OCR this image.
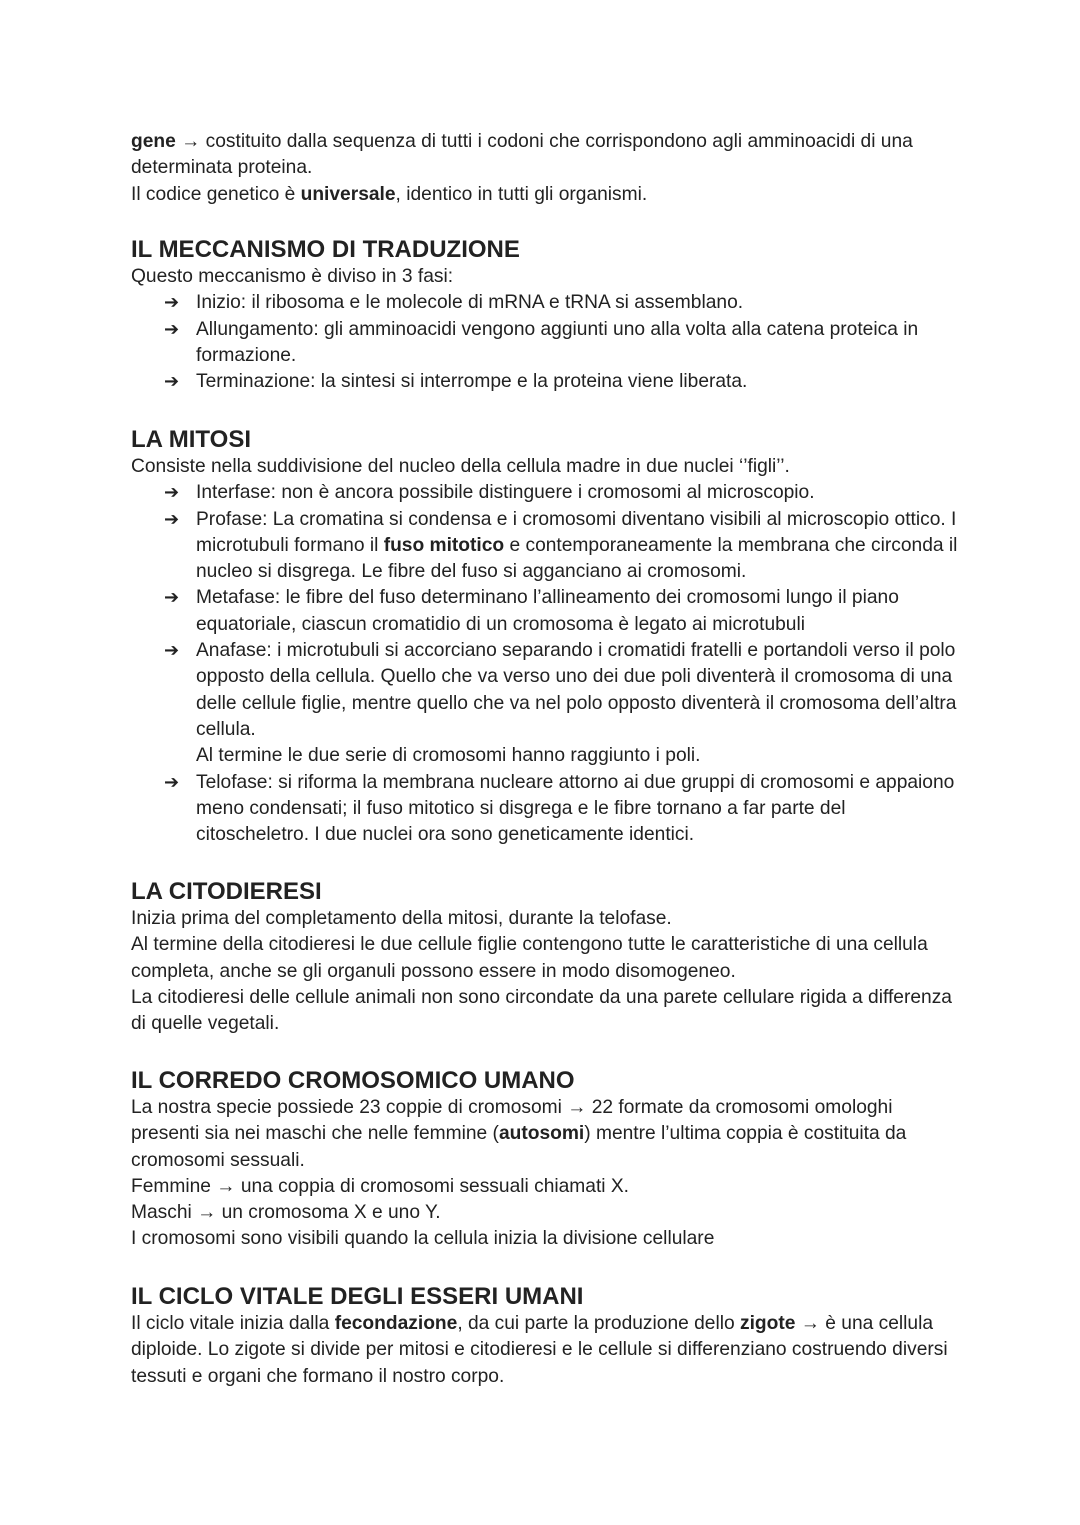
gene → costituito dalla sequenza di tutti i codoni che corrispondono agli amminoacidi di una determinata proteina.

Il codice genetico è universale, identico in tutti gli organismi.

IL MECCANISMO DI TRADUZIONE

Questo meccanismo è diviso in 3 fasi:

➔ Inizio: il ribosoma e le molecole di mRNA e tRNA si assemblano.
➔ Allungamento: gli amminoacidi vengono aggiunti uno alla volta alla catena proteica in formazione.
➔ Terminazione: la sintesi si interrompe e la proteina viene liberata.
LA MITOSI

Consiste nella suddivisione del nucleo della cellula madre in due nuclei ‘’figli’’.

➔ Interfase: non è ancora possibile distinguere i cromosomi al microscopio.
➔ Profase: La cromatina si condensa e i cromosomi diventano visibili al microscopio ottico. I microtubuli formano il fuso mitotico e contemporaneamente la membrana che circonda il nucleo si disgrega. Le fibre del fuso si agganciano ai cromosomi.
➔ Metafase: le fibre del fuso determinano l’allineamento dei cromosomi lungo il piano equatoriale, ciascun cromatidio di un cromosoma è legato ai microtubuli
➔ Anafase: i microtubuli si accorciano separando i cromatidi fratelli e portandoli verso il polo opposto della cellula. Quello che va verso uno dei due poli diventerà il cromosoma di una delle cellule figlie, mentre quello che va nel polo opposto diventerà il cromosoma dell’altra cellula.
Al termine le due serie di cromosomi hanno raggiunto i poli.
➔ Telofase: si riforma la membrana nucleare attorno ai due gruppi di cromosomi e appaiono meno condensati; il fuso mitotico si disgrega e le fibre tornano a far parte del citoscheletro. I due nuclei ora sono geneticamente identici.
LA CITODIERESI

Inizia prima del completamento della mitosi, durante la telofase.

Al termine della citodieresi le due cellule figlie contengono tutte le caratteristiche di una cellula completa, anche se gli organuli possono essere in modo disomogeneo.

La citodieresi delle cellule animali non sono circondate da una parete cellulare rigida a differenza di quelle vegetali.

IL CORREDO CROMOSOMICO UMANO

La nostra specie possiede 23 coppie di cromosomi → 22 formate da cromosomi omologhi presenti sia nei maschi che nelle femmine (autosomi) mentre l’ultima coppia è costituita da cromosomi sessuali.

Femmine → una coppia di cromosomi sessuali chiamati X.

Maschi → un cromosoma X e uno Y.

I cromosomi sono visibili quando la cellula inizia la divisione cellulare

IL CICLO VITALE DEGLI ESSERI UMANI

Il ciclo vitale inizia dalla fecondazione, da cui parte la produzione dello zigote → è una cellula diploide. Lo zigote si divide per mitosi e citodieresi e le cellule si differenziano costruendo diversi tessuti e organi che formano il nostro corpo.
